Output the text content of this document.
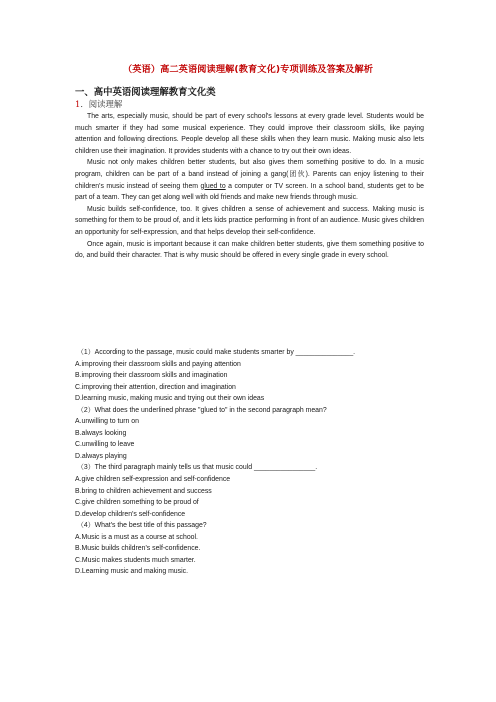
（英语）高二英语阅读理解(教育文化)专项训练及答案及解析
一、高中英语阅读理解教育文化类
1．阅读理解

The arts, especially music, should be part of every school's lessons at every grade level. Students would be much smarter if they had some musical experience. They could improve their classroom skills, like paying attention and following directions. People develop all these skills when they learn music. Making music also lets children use their imagination. It provides students with a chance to try out their own ideas.

Music not only makes children better students, but also gives them something positive to do. In a music program, children can be part of a band instead of joining a gang(团伙). Parents can enjoy listening to their children's music instead of seeing them glued to a computer or TV screen. In a school band, students get to be part of a team. They can get along well with old friends and make new friends through music.

Music builds self-confidence, too. It gives children a sense of achievement and success. Making music is something for them to be proud of, and it lets kids practice performing in front of an audience. Music gives children an opportunity for self-expression, and that helps develop their self-confidence.

Once again, music is important because it can make children better students, give them something positive to do, and build their character. That is why music should be offered in every single grade in every school.

（1）According to the passage, music could make students smarter by _______________.
A.improving their classroom skills and paying attention
B.improving their classroom skills and imagination
C.improving their attention, direction and imagination
D.learning music, making music and trying out their own ideas
（2）What does the underlined phrase "glued to" in the second paragraph mean?
A.unwilling to turn on
B.always looking
C.unwilling to leave
D.always playing
（3）The third paragraph mainly tells us that music could ________________.
A.give children self-expression and self-confidence
B.bring to children achievement and success
C.give children something to be proud of
D.develop children's self-confidence
（4）What's the best title of this passage?
A.Music is a must as a course at school.
B.Music builds children's self-confidence.
C.Music makes students much smarter.
D.Learning music and making music.
